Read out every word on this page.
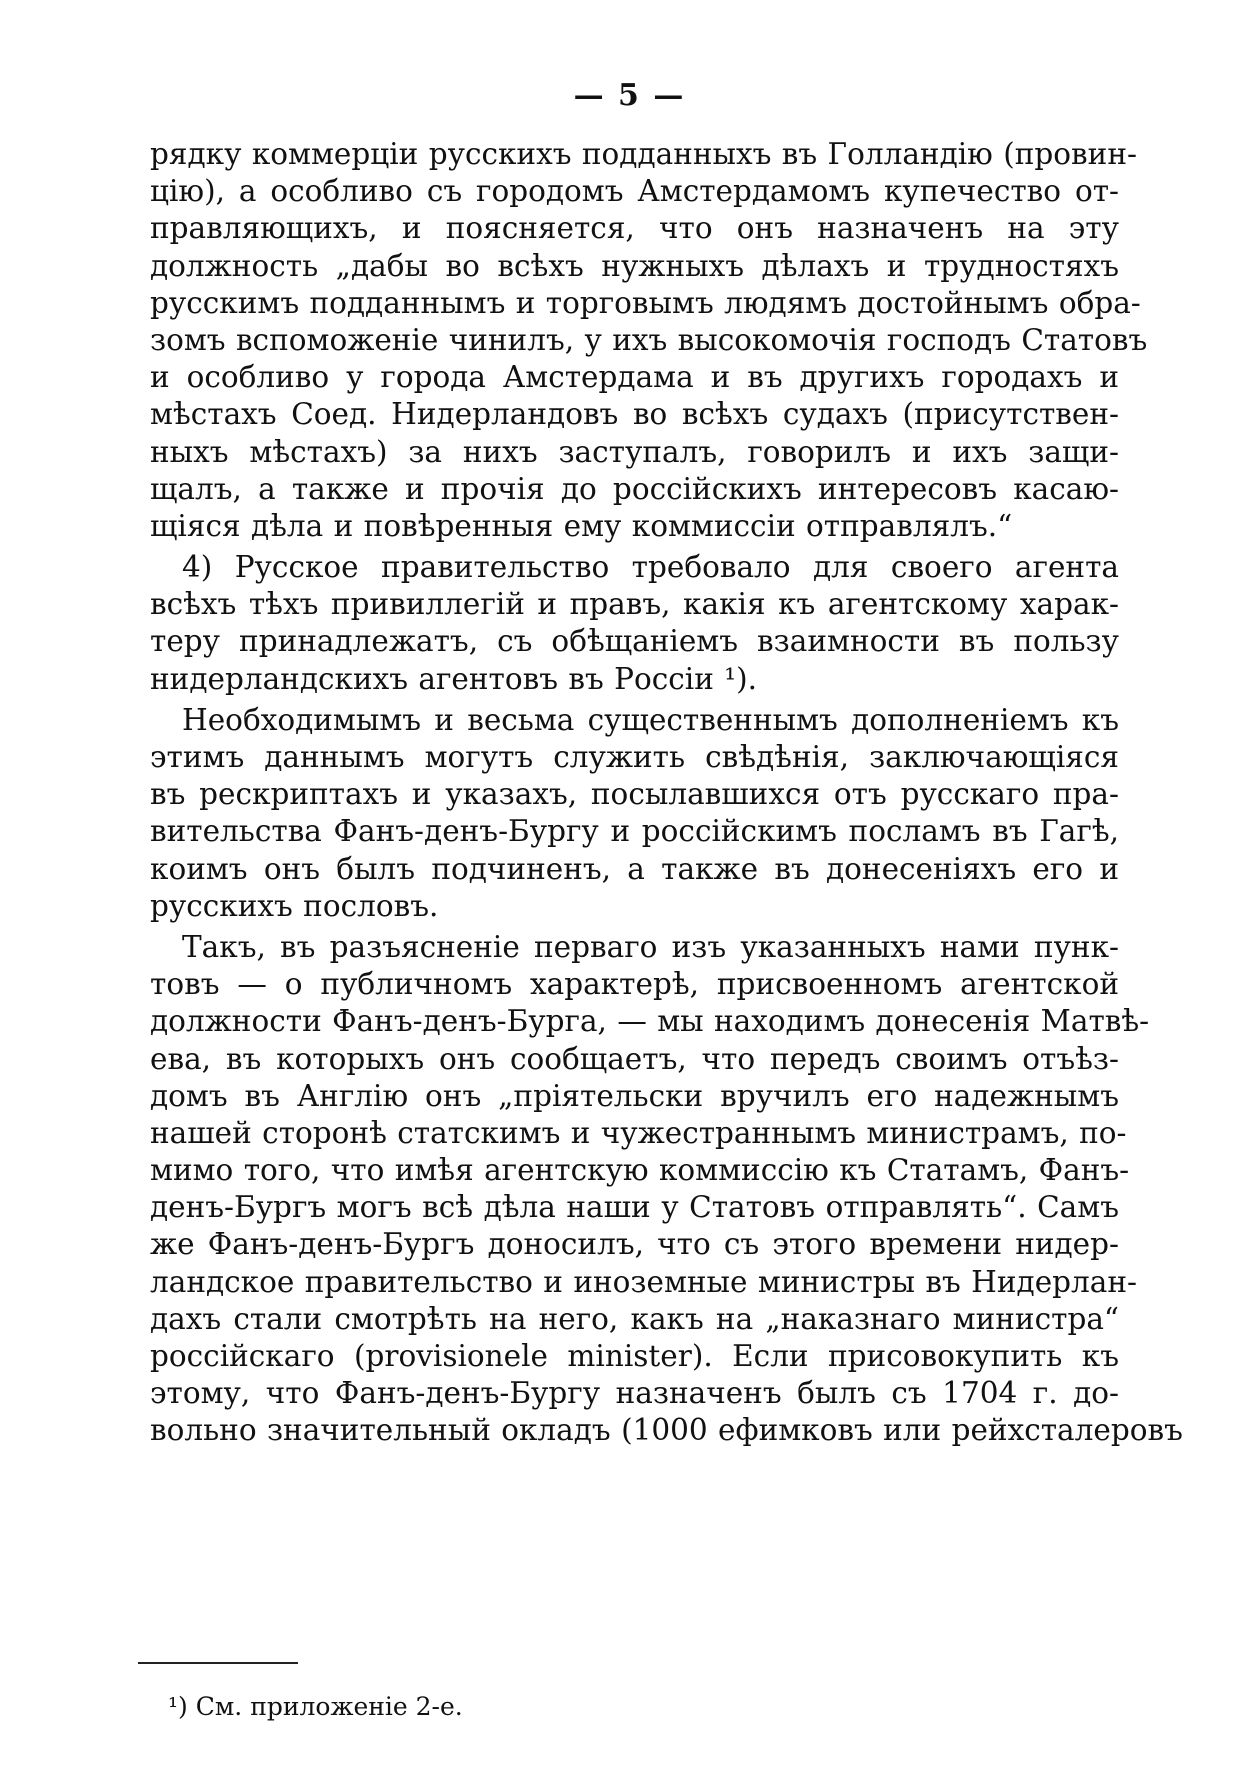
— 5 —
рядку коммерціи русскихъ подданныхъ въ Голландію (провин-
цію), а особливо съ городомъ Амстердамомъ купечество от-
правляющихъ, и поясняется, что онъ назначенъ на эту
должность „дабы во всѣхъ нужныхъ дѣлахъ и трудностяхъ
русскимъ подданнымъ и торговымъ людямъ достойнымъ обра-
зомъ вспоможеніе чинилъ, у ихъ высокомочія господъ Статовъ
и особливо у города Амстердама и въ другихъ городахъ и
мѣстахъ Соед. Нидерландовъ во всѣхъ судахъ (присутствен-
ныхъ мѣстахъ) за нихъ заступалъ, говорилъ и ихъ защи-
щалъ, а также и прочія до россійскихъ интересовъ касаю-
щіяся дѣла и повѣренныя ему коммиссіи отправлялъ.“
4) Русское правительство требовало для своего агента
всѣхъ тѣхъ привиллегій и правъ, какія къ агентскому харак-
теру принадлежатъ, съ обѣщаніемъ взаимности въ пользу
нидерландскихъ агентовъ въ Россіи ¹).
Необходимымъ и весьма существеннымъ дополненіемъ къ
этимъ даннымъ могутъ служить свѣдѣнія, заключающіяся
въ рескриптахъ и указахъ, посылавшихся отъ русскаго пра-
вительства Фанъ-денъ-Бургу и россійскимъ посламъ въ Гагѣ,
коимъ онъ былъ подчиненъ, а также въ донесеніяхъ его и
русскихъ пословъ.
Такъ, въ разъясненіе перваго изъ указанныхъ нами пунк-
товъ — о публичномъ характерѣ, присвоенномъ агентской
должности Фанъ-денъ-Бурга, — мы находимъ донесенія Матвѣ-
ева, въ которыхъ онъ сообщаетъ, что передъ своимъ отъѣз-
домъ въ Англію онъ „пріятельски вручилъ его надежнымъ
нашей сторонѣ статскимъ и чужестраннымъ министрамъ, по-
мимо того, что имѣя агентскую коммиссію къ Статамъ, Фанъ-
денъ-Бургъ могъ всѣ дѣла наши у Статовъ отправлять“. Самъ
же Фанъ-денъ-Бургъ доносилъ, что съ этого времени нидер-
ландское правительство и иноземные министры въ Нидерлан-
дахъ стали смотрѣть на него, какъ на „наказнаго министра“
россійскаго (provisionele minister). Если присовокупить къ
этому, что Фанъ-денъ-Бургу назначенъ былъ съ 1704 г. до-
вольно значительный окладъ (1000 ефимковъ или рейхсталеровъ
¹) См. приложеніе 2-е.
